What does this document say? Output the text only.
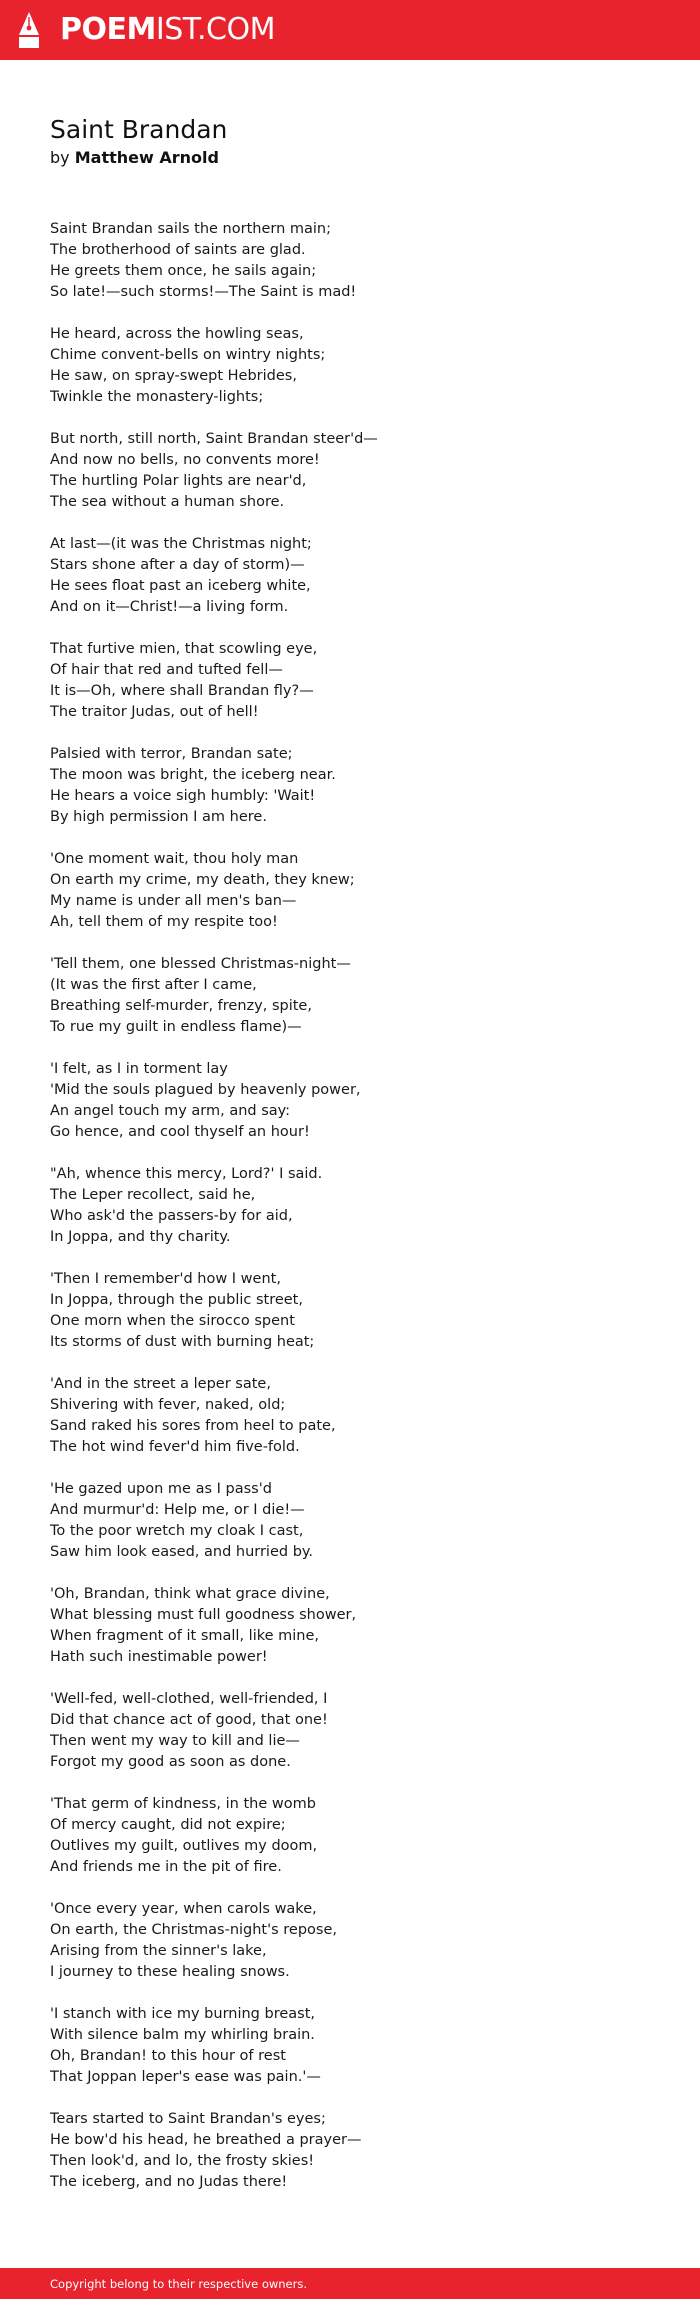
POEMIST.COM
Saint Brandan
by Matthew Arnold
Saint Brandan sails the northern main;
The brotherhood of saints are glad.
He greets them once, he sails again;
So late!—such storms!—The Saint is mad!
He heard, across the howling seas,
Chime convent-bells on wintry nights;
He saw, on spray-swept Hebrides,
Twinkle the monastery-lights;
But north, still north, Saint Brandan steer'd—
And now no bells, no convents more!
The hurtling Polar lights are near'd,
The sea without a human shore.
At last—(it was the Christmas night;
Stars shone after a day of storm)—
He sees float past an iceberg white,
And on it—Christ!—a living form.
That furtive mien, that scowling eye,
Of hair that red and tufted fell—
It is—Oh, where shall Brandan fly?—
The traitor Judas, out of hell!
Palsied with terror, Brandan sate;
The moon was bright, the iceberg near.
He hears a voice sigh humbly: 'Wait!
By high permission I am here.
'One moment wait, thou holy man
On earth my crime, my death, they knew;
My name is under all men's ban—
Ah, tell them of my respite too!
'Tell them, one blessed Christmas-night—
(It was the first after I came,
Breathing self-murder, frenzy, spite,
To rue my guilt in endless flame)—
'I felt, as I in torment lay
'Mid the souls plagued by heavenly power,
An angel touch my arm, and say:
Go hence, and cool thyself an hour!
"Ah, whence this mercy, Lord?' I said.
The Leper recollect, said he,
Who ask'd the passers-by for aid,
In Joppa, and thy charity.
'Then I remember'd how I went,
In Joppa, through the public street,
One morn when the sirocco spent
Its storms of dust with burning heat;
'And in the street a leper sate,
Shivering with fever, naked, old;
Sand raked his sores from heel to pate,
The hot wind fever'd him five-fold.
'He gazed upon me as I pass'd
And murmur'd: Help me, or I die!—
To the poor wretch my cloak I cast,
Saw him look eased, and hurried by.
'Oh, Brandan, think what grace divine,
What blessing must full goodness shower,
When fragment of it small, like mine,
Hath such inestimable power!
'Well-fed, well-clothed, well-friended, I
Did that chance act of good, that one!
Then went my way to kill and lie—
Forgot my good as soon as done.
'That germ of kindness, in the womb
Of mercy caught, did not expire;
Outlives my guilt, outlives my doom,
And friends me in the pit of fire.
'Once every year, when carols wake,
On earth, the Christmas-night's repose,
Arising from the sinner's lake,
I journey to these healing snows.
'I stanch with ice my burning breast,
With silence balm my whirling brain.
Oh, Brandan! to this hour of rest
That Joppan leper's ease was pain.'—
Tears started to Saint Brandan's eyes;
He bow'd his head, he breathed a prayer—
Then look'd, and lo, the frosty skies!
The iceberg, and no Judas there!
Copyright belong to their respective owners.
